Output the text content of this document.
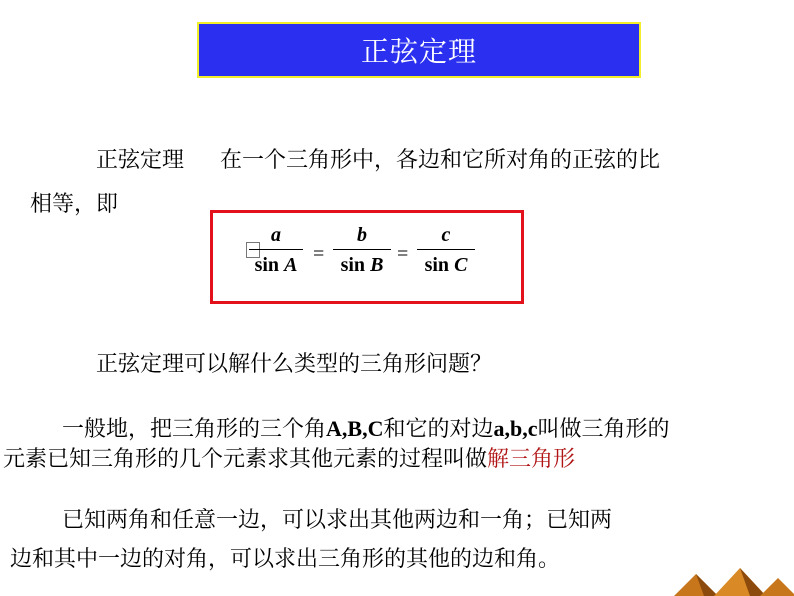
正弦定理
正弦定理 在一个三角形中，各边和它所对角的正弦的比
相等，即
a
sin A =
b
sin B =
c
sin C
正弦定理可以解什么类型的三角形问题？
一般地，把三角形的三个角A,B,C和它的对边a,b,c叫做三角形的
元素已知三角形的几个元素求其他元素的过程叫做解三角形
已知两角和任意一边，可以求出其他两边和一角；已知两
边和其中一边的对角，可以求出三角形的其他的边和角。
